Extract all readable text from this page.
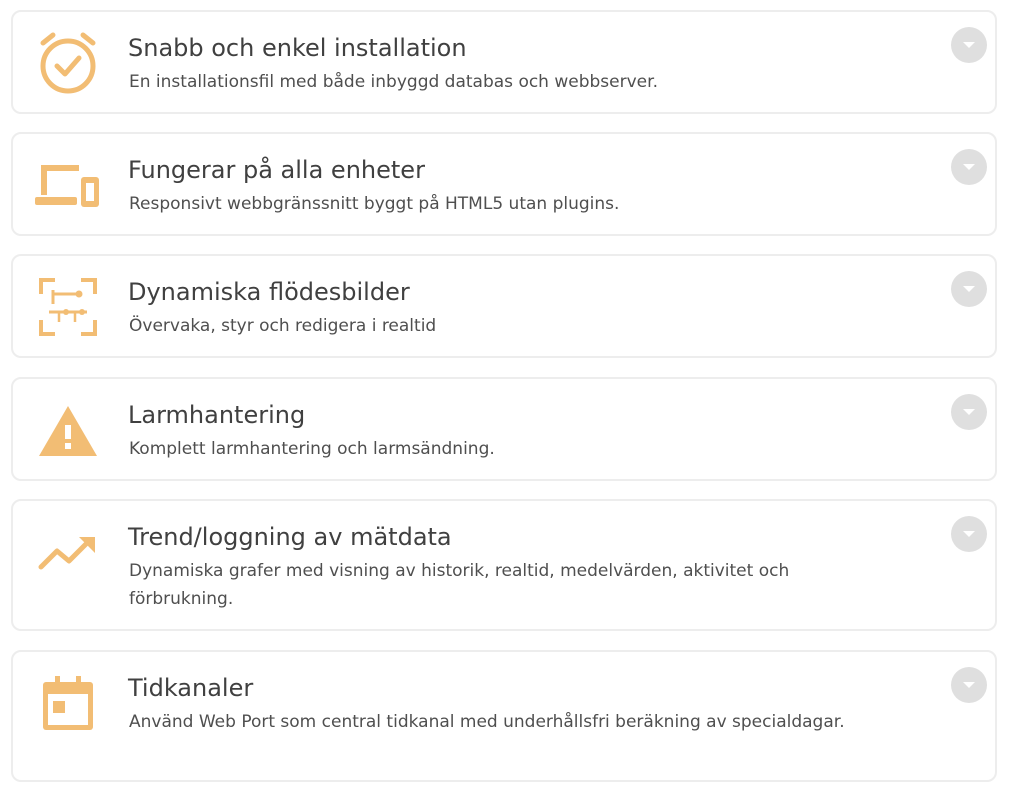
Snabb och enkel installation
En installationsfil med både inbyggd databas och webbserver.
Fungerar på alla enheter
Responsivt webbgränssnitt byggt på HTML5 utan plugins.
Dynamiska flödesbilder
Övervaka, styr och redigera i realtid
Larmhantering
Komplett larmhantering och larmsändning.
Trend/loggning av mätdata
Dynamiska grafer med visning av historik, realtid, medelvärden, aktivitet och förbrukning.
Tidkanaler
Använd Web Port som central tidkanal med underhållsfri beräkning av specialdagar.
